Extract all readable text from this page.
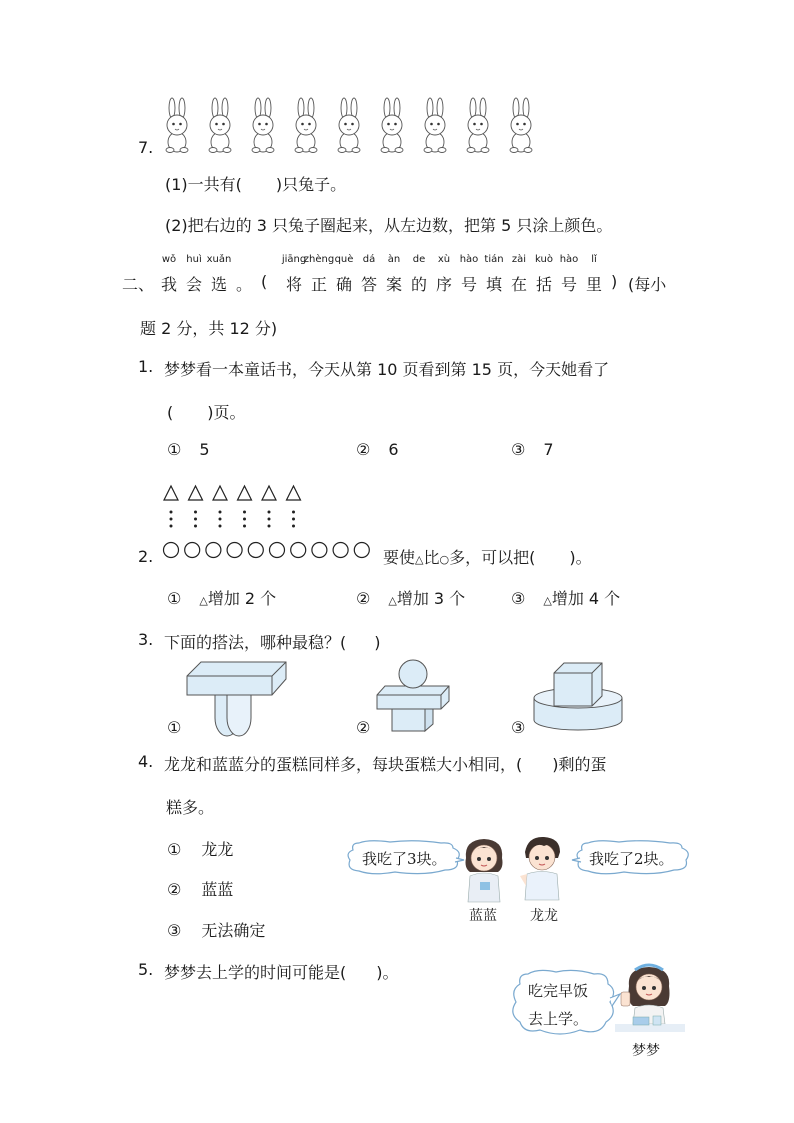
7.
(1)一共有( )只兔子。
(2)把右边的 3 只兔子圈起来，从左边数，把第 5 只涂上颜色。
二、 我
wǒ
会
huì
选
xuǎn
。 ( 将
jiāng
正
zhèng
确
què
答
dá
案
àn
的
de
序
xù
号
hào
填
tián
在
zài
括
kuò
号
hào
里
lǐ
) (每小
题 2 分，共 12 分)
1. 梦梦看一本童话书，今天从第 10 页看到第 15 页，今天她看了
( )页。
① 5	② 6	③ 7
2.	要使△比○多，可以把( )。
① △增加 2 个	② △增加 3 个	③ △增加 4 个
3. 下面的搭法，哪种最稳？( )
①	②	③
4. 龙龙和蓝蓝分的蛋糕同样多，每块蛋糕大小相同，( )剩的蛋
糕多。
① 龙龙
② 蓝蓝
③ 无法确定
我吃了3块。	我吃了2块。
蓝蓝 龙龙
5. 梦梦去上学的时间可能是( )。
吃完早饭
去上学。
梦梦
